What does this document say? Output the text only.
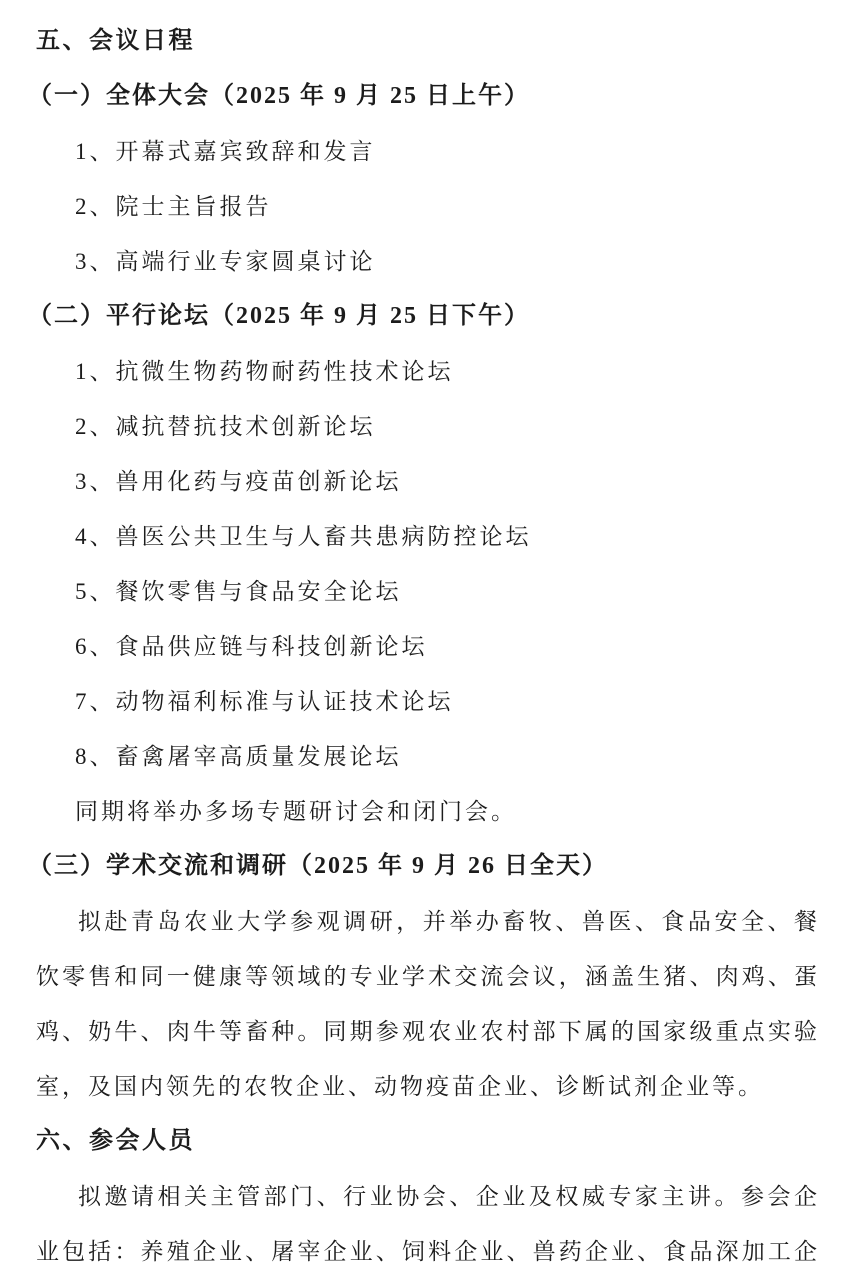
五、会议日程
（一）全体大会（2025 年 9 月 25 日上午）
1、开幕式嘉宾致辞和发言
2、院士主旨报告
3、高端行业专家圆桌讨论
（二）平行论坛（2025 年 9 月 25 日下午）
1、抗微生物药物耐药性技术论坛
2、减抗替抗技术创新论坛
3、兽用化药与疫苗创新论坛
4、兽医公共卫生与人畜共患病防控论坛
5、餐饮零售与食品安全论坛
6、食品供应链与科技创新论坛
7、动物福利标准与认证技术论坛
8、畜禽屠宰高质量发展论坛
同期将举办多场专题研讨会和闭门会。
（三）学术交流和调研（2025 年 9 月 26 日全天）
拟赴青岛农业大学参观调研，并举办畜牧、兽医、食品安全、餐
饮零售和同一健康等领域的专业学术交流会议，涵盖生猪、肉鸡、蛋
鸡、奶牛、肉牛等畜种。同期参观农业农村部下属的国家级重点实验
室，及国内领先的农牧企业、动物疫苗企业、诊断试剂企业等。
六、参会人员
拟邀请相关主管部门、行业协会、企业及权威专家主讲。参会企
业包括：养殖企业、屠宰企业、饲料企业、兽药企业、食品深加工企
